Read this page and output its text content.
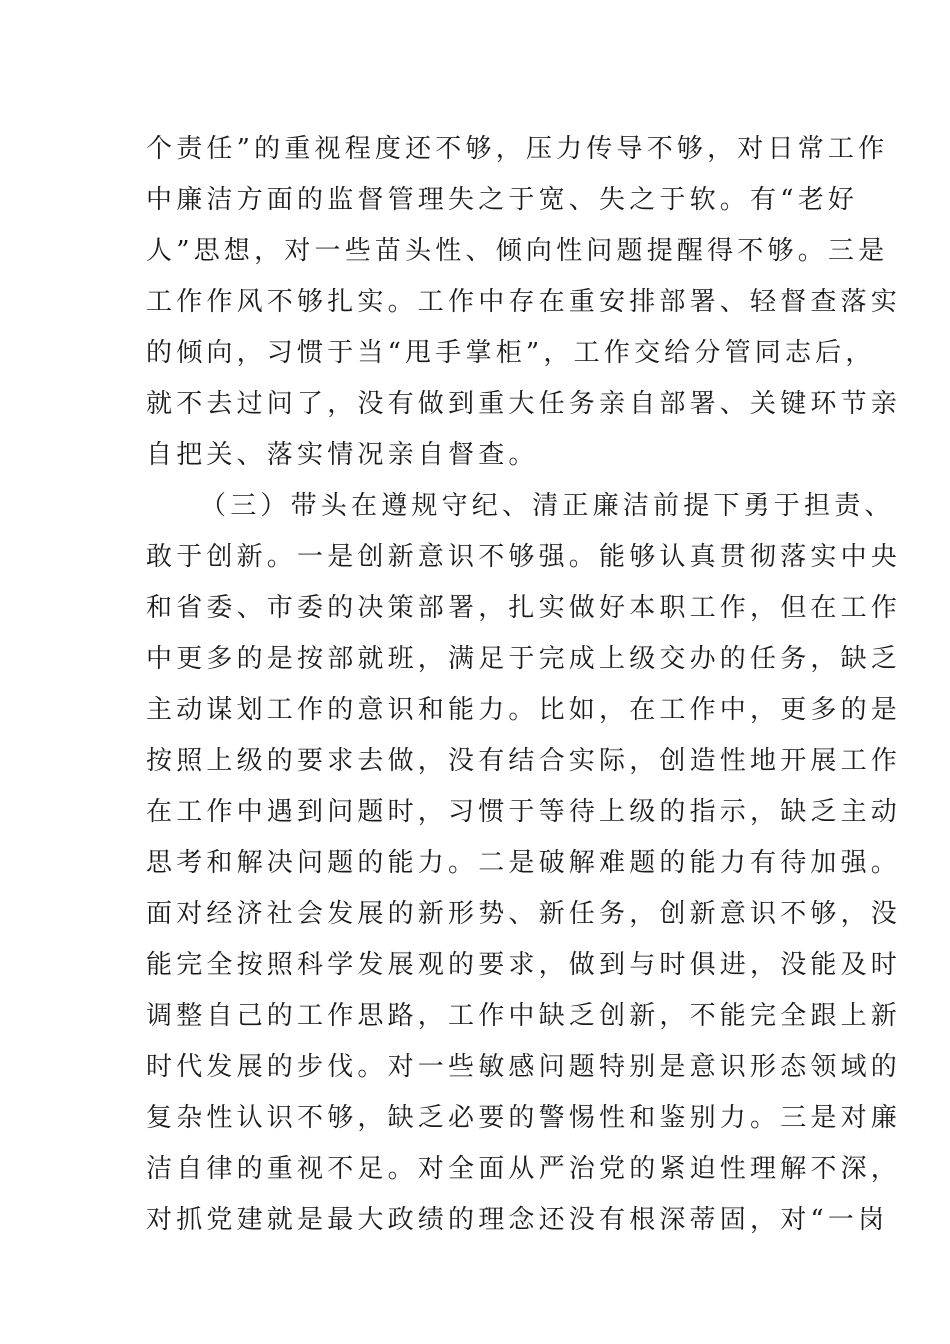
个责任”的重视程度还不够，压力传导不够，对日常工作
中廉洁方面的监督管理失之于宽、失之于软。有“老好
人”思想，对一些苗头性、倾向性问题提醒得不够。三是
工作作风不够扎实。工作中存在重安排部署、轻督查落实
的倾向，习惯于当“甩手掌柜”，工作交给分管同志后，
就不去过问了，没有做到重大任务亲自部署、关键环节亲
自把关、落实情况亲自督查。
（三）带头在遵规守纪、清正廉洁前提下勇于担责、
敢于创新。一是创新意识不够强。能够认真贯彻落实中央
和省委、市委的决策部署，扎实做好本职工作，但在工作
中更多的是按部就班，满足于完成上级交办的任务，缺乏
主动谋划工作的意识和能力。比如，在工作中，更多的是
按照上级的要求去做，没有结合实际，创造性地开展工作
在工作中遇到问题时，习惯于等待上级的指示，缺乏主动
思考和解决问题的能力。二是破解难题的能力有待加强。
面对经济社会发展的新形势、新任务，创新意识不够，没
能完全按照科学发展观的要求，做到与时俱进，没能及时
调整自己的工作思路，工作中缺乏创新，不能完全跟上新
时代发展的步伐。对一些敏感问题特别是意识形态领域的
复杂性认识不够，缺乏必要的警惕性和鉴别力。三是对廉
洁自律的重视不足。对全面从严治党的紧迫性理解不深，
对抓党建就是最大政绩的理念还没有根深蒂固，对“一岗
